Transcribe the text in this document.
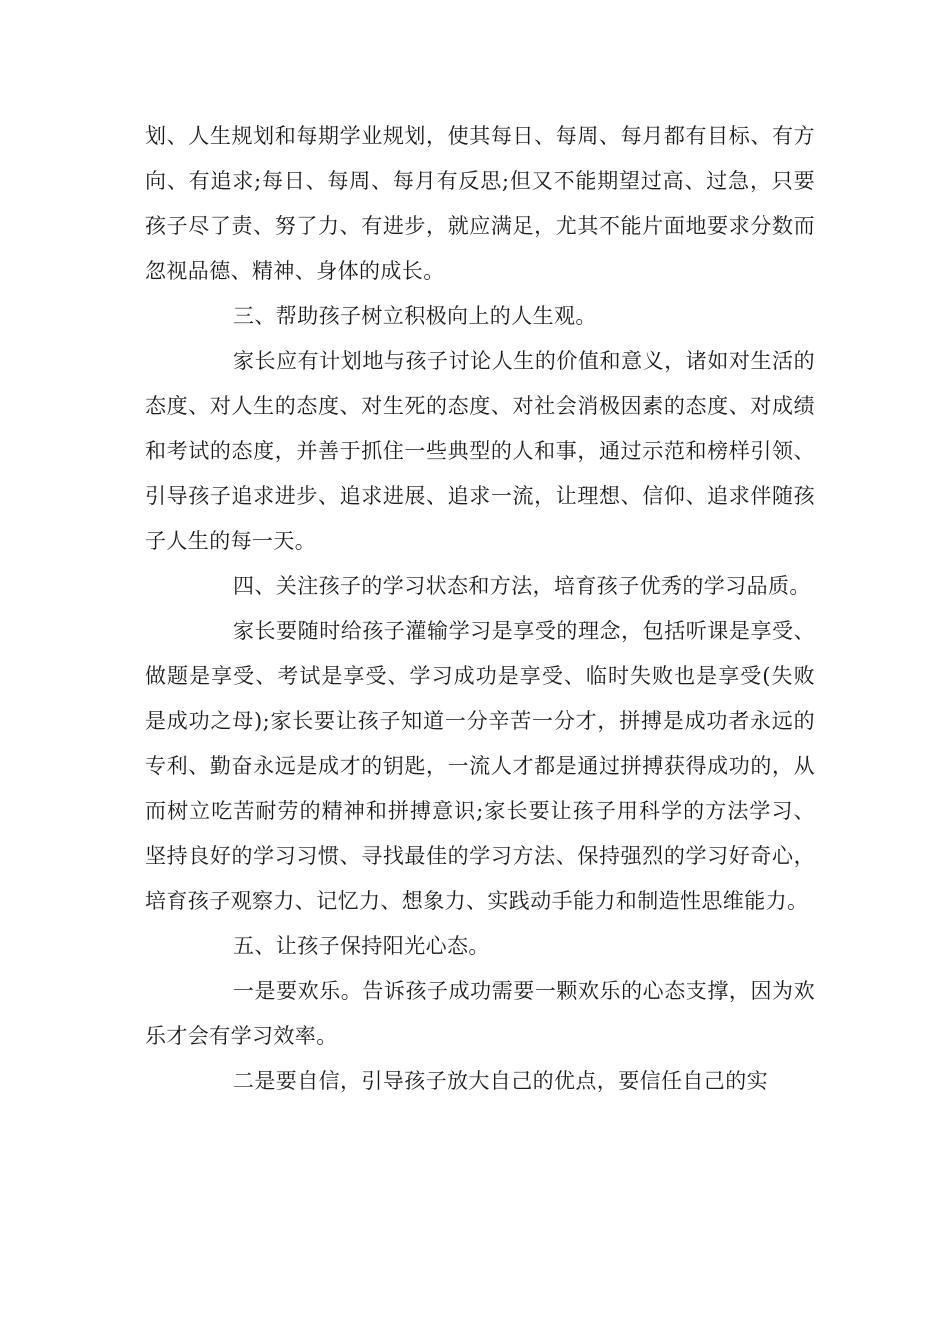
划、人生规划和每期学业规划，使其每日、每周、每月都有目标、有方向、有追求;每日、每周、每月有反思;但又不能期望过高、过急，只要孩子尽了责、努了力、有进步，就应满足，尤其不能片面地要求分数而忽视品德、精神、身体的成长。

三、帮助孩子树立积极向上的人生观。

家长应有计划地与孩子讨论人生的价值和意义，诸如对生活的态度、对人生的态度、对生死的态度、对社会消极因素的态度、对成绩和考试的态度，并善于抓住一些典型的人和事，通过示范和榜样引领、引导孩子追求进步、追求进展、追求一流，让理想、信仰、追求伴随孩子人生的每一天。

四、关注孩子的学习状态和方法，培育孩子优秀的学习品质。

家长要随时给孩子灌输学习是享受的理念，包括听课是享受、做题是享受、考试是享受、学习成功是享受、临时失败也是享受(失败是成功之母);家长要让孩子知道一分辛苦一分才，拼搏是成功者永远的专利、勤奋永远是成才的钥匙，一流人才都是通过拼搏获得成功的，从而树立吃苦耐劳的精神和拼搏意识;家长要让孩子用科学的方法学习、坚持良好的学习习惯、寻找最佳的学习方法、保持强烈的学习好奇心，培育孩子观察力、记忆力、想象力、实践动手能力和制造性思维能力。

五、让孩子保持阳光心态。

一是要欢乐。告诉孩子成功需要一颗欢乐的心态支撑，因为欢乐才会有学习效率。

二是要自信，引导孩子放大自己的优点，要信任自己的实
